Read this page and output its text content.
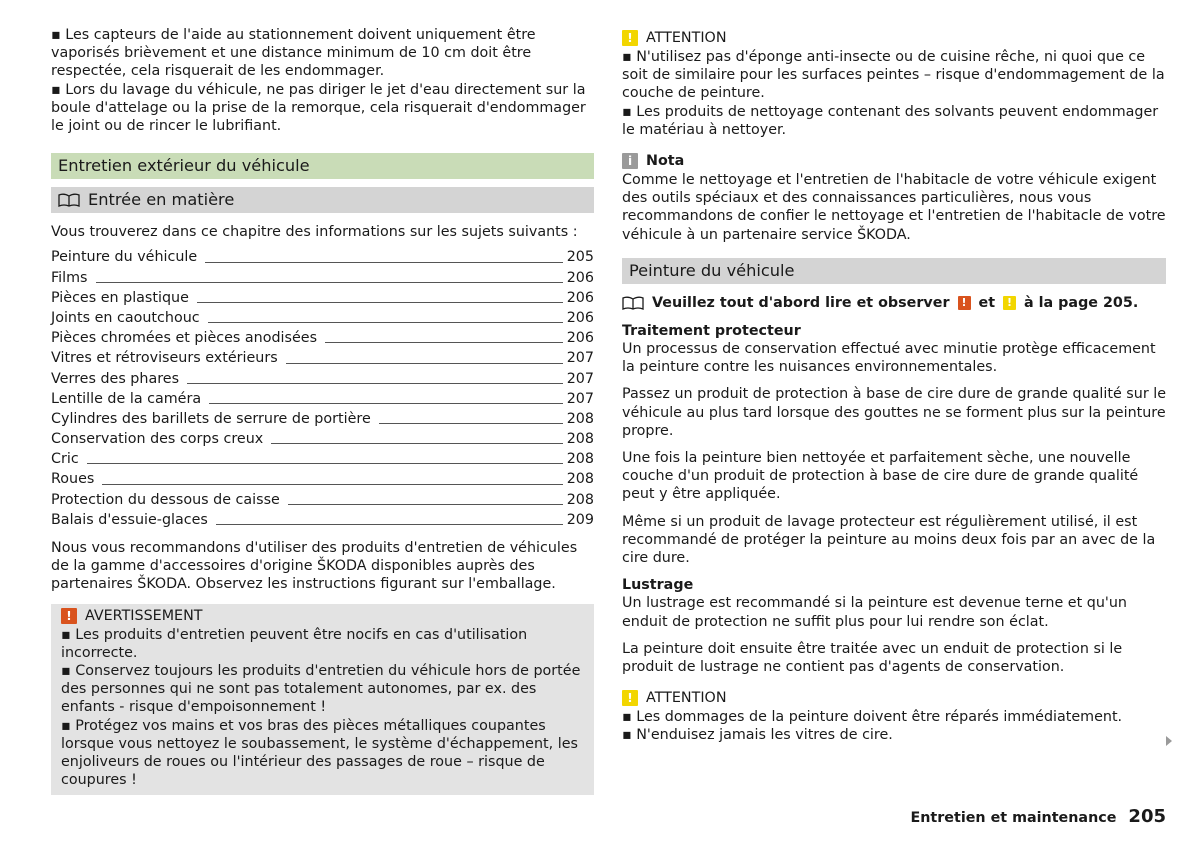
▪ Les capteurs de l'aide au stationnement doivent uniquement être vaporisés brièvement et une distance minimum de 10 cm doit être respectée, cela risquerait de les endommager.

▪ Lors du lavage du véhicule, ne pas diriger le jet d'eau directement sur la boule d'attelage ou la prise de la remorque, cela risquerait d'endommager le joint ou de rincer le lubrifiant.

Entretien extérieur du véhicule
Entrée en matière

Vous trouverez dans ce chapitre des informations sur les sujets suivants :

Peinture du véhicule	205
Films	206
Pièces en plastique	206
Joints en caoutchouc	206
Pièces chromées et pièces anodisées	206
Vitres et rétroviseurs extérieurs	207
Verres des phares	207
Lentille de la caméra	207
Cylindres des barillets de serrure de portière	208
Conservation des corps creux	208
Cric	208
Roues	208
Protection du dessous de caisse	208
Balais d'essuie-glaces	209

Nous vous recommandons d'utiliser des produits d'entretien de véhicules de la gamme d'accessoires d'origine ŠKODA disponibles auprès des partenaires ŠKODA. Observez les instructions figurant sur l'emballage.

! AVERTISSEMENT

▪ Les produits d'entretien peuvent être nocifs en cas d'utilisation incorrecte.

▪ Conservez toujours les produits d'entretien du véhicule hors de portée des personnes qui ne sont pas totalement autonomes, par ex. des enfants - risque d'empoisonnement !

▪ Protégez vos mains et vos bras des pièces métalliques coupantes lorsque vous nettoyez le soubassement, le système d'échappement, les enjoliveurs de roues ou l'intérieur des passages de roue – risque de coupures !

! ATTENTION

▪ N'utilisez pas d'éponge anti-insecte ou de cuisine rêche, ni quoi que ce soit de similaire pour les surfaces peintes – risque d'endommagement de la couche de peinture.

▪ Les produits de nettoyage contenant des solvants peuvent endommager le matériau à nettoyer.

i Nota

Comme le nettoyage et l'entretien de l'habitacle de votre véhicule exigent des outils spéciaux et des connaissances particulières, nous vous recommandons de confier le nettoyage et l'entretien de l'habitacle de votre véhicule à un partenaire service ŠKODA.

Peinture du véhicule
Veuillez tout d'abord lire et observer	! et	! à la page 205.
Traitement protecteur

Un processus de conservation effectué avec minutie protège efficacement la peinture contre les nuisances environnementales.

Passez un produit de protection à base de cire dure de grande qualité sur le véhicule au plus tard lorsque des gouttes ne se forment plus sur la peinture propre.

Une fois la peinture bien nettoyée et parfaitement sèche, une nouvelle couche d'un produit de protection à base de cire dure de grande qualité peut y être appliquée.

Même si un produit de lavage protecteur est régulièrement utilisé, il est recommandé de protéger la peinture au moins deux fois par an avec de la cire dure.

Lustrage

Un lustrage est recommandé si la peinture est devenue terne et qu'un enduit de protection ne suffit plus pour lui rendre son éclat.

La peinture doit ensuite être traitée avec un enduit de protection si le produit de lustrage ne contient pas d'agents de conservation.

! ATTENTION

▪ Les dommages de la peinture doivent être réparés immédiatement.

▪ N'enduisez jamais les vitres de cire.

Entretien et maintenance 205
